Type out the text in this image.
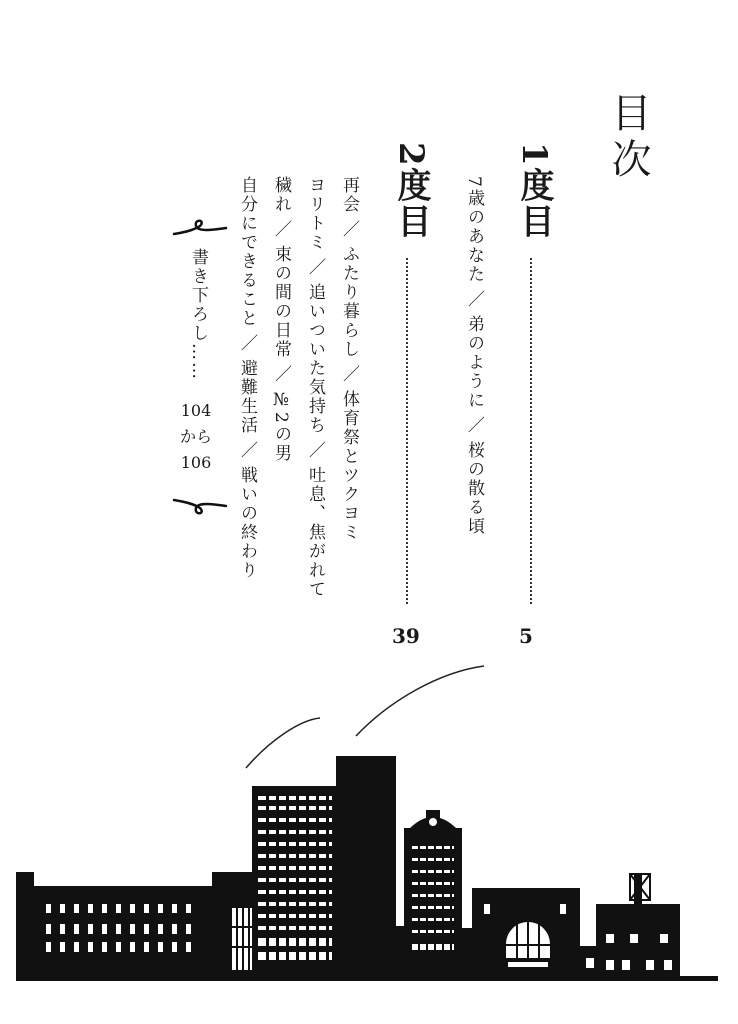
目次
1度目
5
7歳のあなた／弟のように／桜の散る頃
2度目
39
再会／ふたり暮らし／体育祭とツクヨミ
ヨリトミ／追いついた気持ち／吐息、焦がれて
穢れ／束の間の日常／№2の男
自分にできること／避難生活／戦いの終わり
書き下ろし……
104
から
106
